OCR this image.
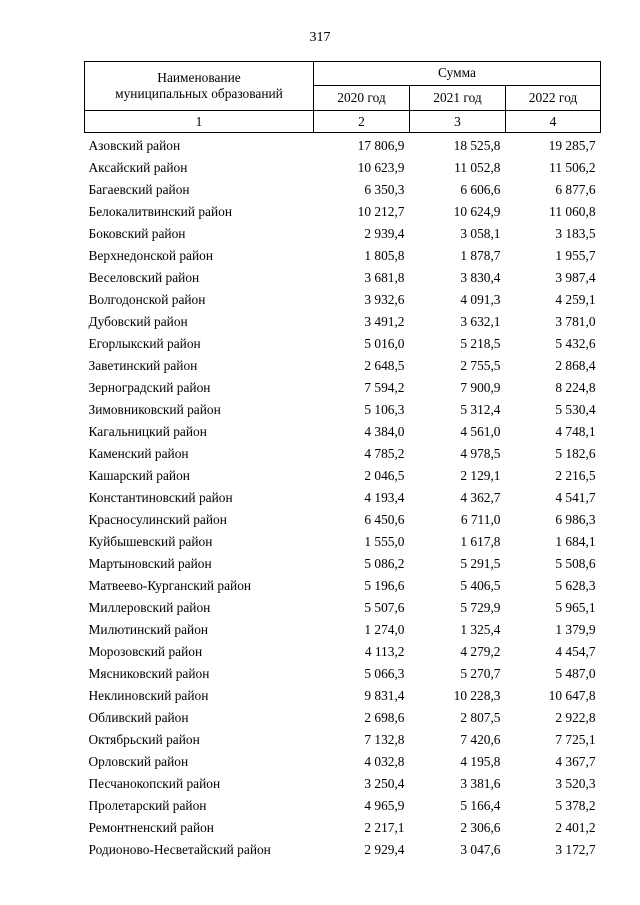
317
Наименование
муниципальных образований	Сумма		
	2020 год	2021 год	2022 год
1	2	3	4
Азовский район	17 806,9	18 525,8	19 285,7
Аксайский район	10 623,9	11 052,8	11 506,2
Багаевский район	6 350,3	6 606,6	6 877,6
Белокалитвинский район	10 212,7	10 624,9	11 060,8
Боковский район	2 939,4	3 058,1	3 183,5
Верхнедонской район	1 805,8	1 878,7	1 955,7
Веселовский район	3 681,8	3 830,4	3 987,4
Волгодонской район	3 932,6	4 091,3	4 259,1
Дубовский район	3 491,2	3 632,1	3 781,0
Егорлыкский район	5 016,0	5 218,5	5 432,6
Заветинский район	2 648,5	2 755,5	2 868,4
Зерноградский район	7 594,2	7 900,9	8 224,8
Зимовниковский район	5 106,3	5 312,4	5 530,4
Кагальницкий район	4 384,0	4 561,0	4 748,1
Каменский район	4 785,2	4 978,5	5 182,6
Кашарский район	2 046,5	2 129,1	2 216,5
Константиновский район	4 193,4	4 362,7	4 541,7
Красносулинский район	6 450,6	6 711,0	6 986,3
Куйбышевский район	1 555,0	1 617,8	1 684,1
Мартыновский район	5 086,2	5 291,5	5 508,6
Матвеево-Курганский район	5 196,6	5 406,5	5 628,3
Миллеровский район	5 507,6	5 729,9	5 965,1
Милютинский район	1 274,0	1 325,4	1 379,9
Морозовский район	4 113,2	4 279,2	4 454,7
Мясниковский район	5 066,3	5 270,7	5 487,0
Неклиновский район	9 831,4	10 228,3	10 647,8
Обливский район	2 698,6	2 807,5	2 922,8
Октябрьский район	7 132,8	7 420,6	7 725,1
Орловский район	4 032,8	4 195,8	4 367,7
Песчанокопский район	3 250,4	3 381,6	3 520,3
Пролетарский район	4 965,9	5 166,4	5 378,2
Ремонтненский район	2 217,1	2 306,6	2 401,2
Родионово-Несветайский район	2 929,4	3 047,6	3 172,7
